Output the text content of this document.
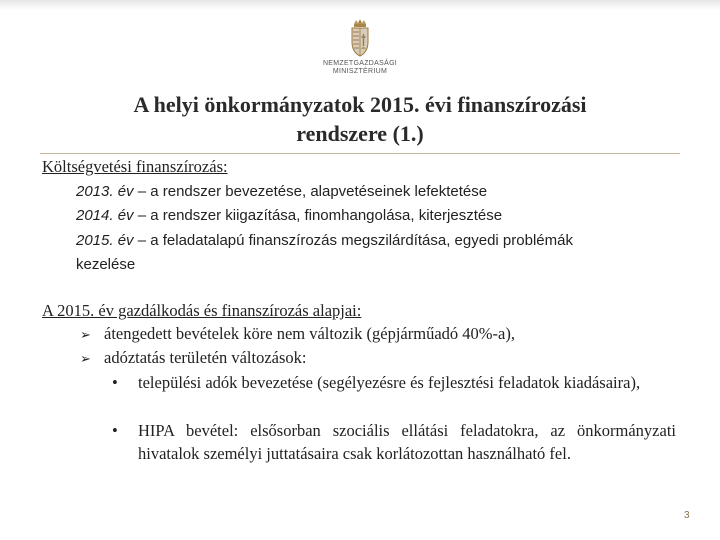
NEMZETGAZDASÁGI
MINISZTÉRIUM
A helyi önkormányzatok 2015. évi finanszírozási
rendszere (1.)
Költségvetési finanszírozás:
2013. év – a rendszer bevezetése, alapvetéseinek lefektetése
2014. év – a rendszer kiigazítása, finomhangolása, kiterjesztése
2015. év – a feladatalapú finanszírozás megszilárdítása, egyedi problémák
kezelése
A 2015. év gazdálkodás és finanszírozás alapjai:
➢ átengedett bevételek köre nem változik (gépjárműadó 40%-a),
➢ adóztatás területén változások:
• települési adók bevezetése (segélyezésre és fejlesztési feladatok kiadásaira),
• HIPA bevétel: elsősorban szociális ellátási feladatokra, az önkormányzati hivatalok személyi juttatásaira csak korlátozottan használható fel.
3
